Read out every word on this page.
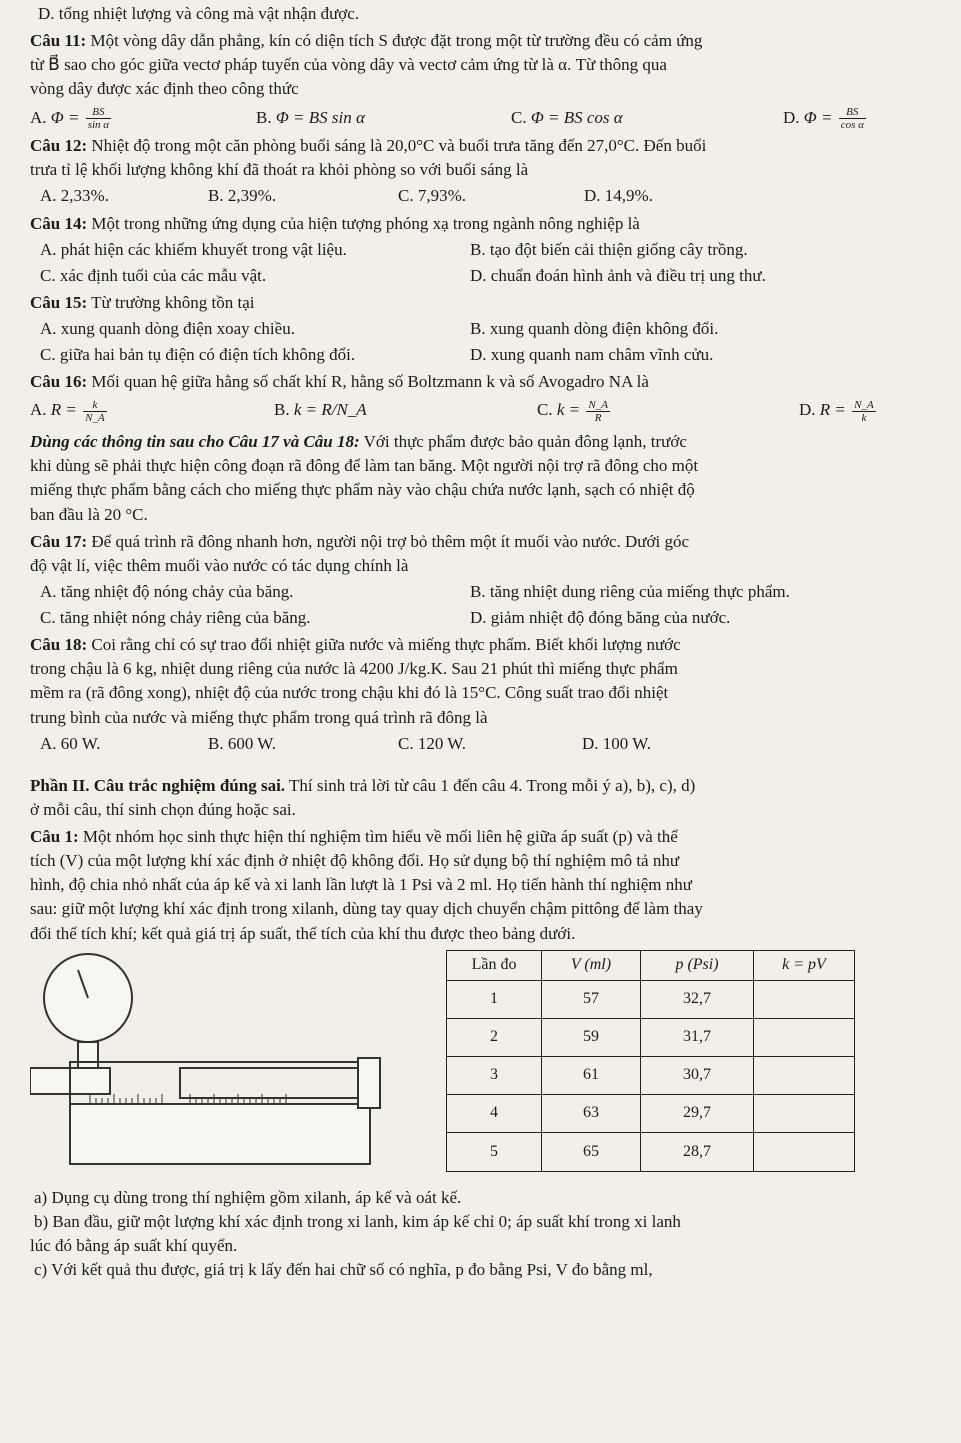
D. tổng nhiệt lượng và công mà vật nhận được.

Câu 11: Một vòng dây dẫn phẳng, kín có diện tích S được đặt trong một từ trường đều có cảm ứng

từ B⃗ sao cho góc giữa vectơ pháp tuyến của vòng dây và vectơ cảm ứng từ là α. Từ thông qua

vòng dây được xác định theo công thức

A. $\Phi = \frac{BS}{\text{sin α}}$	B. Φ = BS sin α	C. Φ = BS cos α	D. $\Phi = \frac{BS}{\text{cos α}}$

Câu 12: Nhiệt độ trong một căn phòng buổi sáng là 20,0°C và buổi trưa tăng đến 27,0°C. Đến buổi

trưa tỉ lệ khối lượng không khí đã thoát ra khỏi phòng so với buổi sáng là

A. 2,33%.	B. 2,39%.	C. 7,93%.	D. 14,9%.

Câu 14: Một trong những ứng dụng của hiện tượng phóng xạ trong ngành nông nghiệp là

A. phát hiện các khiếm khuyết trong vật liệu.	B. tạo đột biến cải thiện giống cây trồng.
C. xác định tuổi của các mẫu vật.	D. chuẩn đoán hình ảnh và điều trị ung thư.

Câu 15: Từ trường không tồn tại

A. xung quanh dòng điện xoay chiều.	B. xung quanh dòng điện không đổi.
C. giữa hai bản tụ điện có điện tích không đổi.	D. xung quanh nam châm vĩnh cửu.

Câu 16: Mối quan hệ giữa hằng số chất khí R, hằng số Boltzmann k và số Avogadro NA là

A. $R = \frac{k}{N\_A}$	B. k = R/N_A	C. $k = \frac{N\_A}{R}$	D. $R = \frac{N\_A}{k}$

Dùng các thông tin sau cho Câu 17 và Câu 18: Với thực phẩm được bảo quản đông lạnh, trước

khi dùng sẽ phải thực hiện công đoạn rã đông để làm tan băng. Một người nội trợ rã đông cho một

miếng thực phẩm bằng cách cho miếng thực phẩm này vào chậu chứa nước lạnh, sạch có nhiệt độ

ban đầu là 20 °C.

Câu 17: Để quá trình rã đông nhanh hơn, người nội trợ bỏ thêm một ít muối vào nước. Dưới góc

độ vật lí, việc thêm muối vào nước có tác dụng chính là

A. tăng nhiệt độ nóng chảy của băng.	B. tăng nhiệt dung riêng của miếng thực phẩm.
C. tăng nhiệt nóng chảy riêng của băng.	D. giảm nhiệt độ đóng băng của nước.

Câu 18: Coi rằng chỉ có sự trao đổi nhiệt giữa nước và miếng thực phẩm. Biết khối lượng nước

trong chậu là 6 kg, nhiệt dung riêng của nước là 4200 J/kg.K. Sau 21 phút thì miếng thực phẩm

mềm ra (rã đông xong), nhiệt độ của nước trong chậu khi đó là 15°C. Công suất trao đổi nhiệt

trung bình của nước và miếng thực phẩm trong quá trình rã đông là

A. 60 W.	B. 600 W.	C. 120 W.	D. 100 W.

Phần II. Câu trắc nghiệm đúng sai. Thí sinh trả lời từ câu 1 đến câu 4. Trong mỗi ý a), b), c), d)

ở mỗi câu, thí sinh chọn đúng hoặc sai.

Câu 1: Một nhóm học sinh thực hiện thí nghiệm tìm hiểu về mối liên hệ giữa áp suất (p) và thể

tích (V) của một lượng khí xác định ở nhiệt độ không đổi. Họ sử dụng bộ thí nghiệm mô tả như

hình, độ chia nhỏ nhất của áp kế và xi lanh lần lượt là 1 Psi và 2 ml. Họ tiến hành thí nghiệm như

sau: giữ một lượng khí xác định trong xilanh, dùng tay quay dịch chuyển chậm pittông để làm thay

đổi thể tích khí; kết quả giá trị áp suất, thể tích của khí thu được theo bảng dưới.

Lần đo	V (ml)	p (Psi)	k = pV
1	57	32,7	
2	59	31,7	
3	61	30,7	
4	63	29,7	
5	65	28,7	

a) Dụng cụ dùng trong thí nghiệm gồm xilanh, áp kế và oát kế.

b) Ban đầu, giữ một lượng khí xác định trong xi lanh, kim áp kế chỉ 0; áp suất khí trong xi lanh

lúc đó bằng áp suất khí quyển.

c) Với kết quả thu được, giá trị k lấy đến hai chữ số có nghĩa, p đo bằng Psi, V đo bằng ml,
